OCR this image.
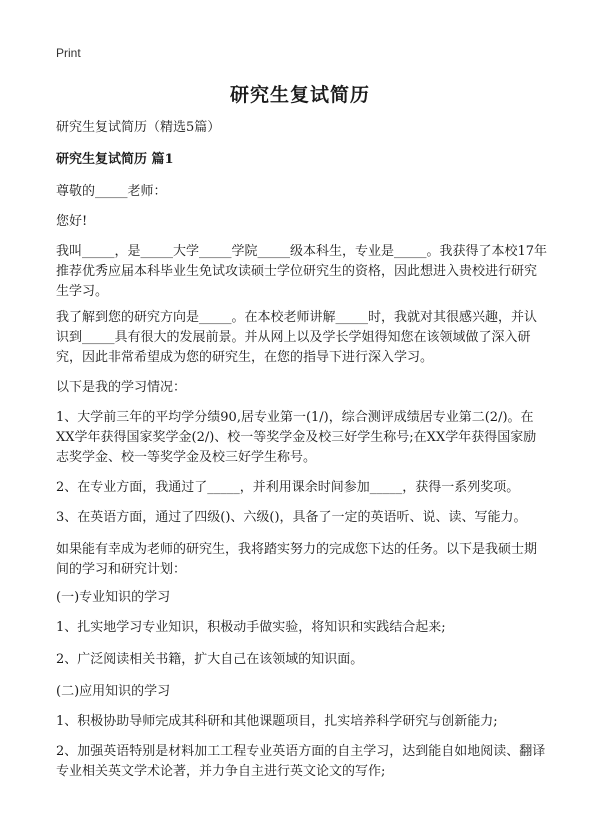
Print
研究生复试简历

研究生复试简历（精选5篇）

研究生复试简历 篇1

尊敬的_____老师：

您好!

我叫_____，是_____大学_____学院_____级本科生，专业是_____。我获得了本校17年推荐优秀应届本科毕业生免试攻读硕士学位研究生的资格，因此想进入贵校进行研究生学习。

我了解到您的研究方向是_____。在本校老师讲解_____时，我就对其很感兴趣，并认识到_____具有很大的发展前景。并从网上以及学长学姐得知您在该领域做了深入研究，因此非常希望成为您的研究生，在您的指导下进行深入学习。

以下是我的学习情况：

1、大学前三年的平均学分绩90,居专业第一(1/)，综合测评成绩居专业第二(2/)。在XX学年获得国家奖学金(2/)、校一等奖学金及校三好学生称号;在XX学年获得国家励志奖学金、校一等奖学金及校三好学生称号。

2、在专业方面，我通过了_____，并利用课余时间参加_____，获得一系列奖项。

3、在英语方面，通过了四级()、六级()，具备了一定的英语听、说、读、写能力。

如果能有幸成为老师的研究生，我将踏实努力的完成您下达的任务。以下是我硕士期间的学习和研究计划：

(一)专业知识的学习

1、扎实地学习专业知识，积极动手做实验，将知识和实践结合起来;

2、广泛阅读相关书籍，扩大自己在该领域的知识面。

(二)应用知识的学习

1、积极协助导师完成其科研和其他课题项目，扎实培养科学研究与创新能力;

2、加强英语特别是材料加工工程专业英语方面的自主学习，达到能自如地阅读、翻译专业相关英文学术论著，并力争自主进行英文论文的写作;
